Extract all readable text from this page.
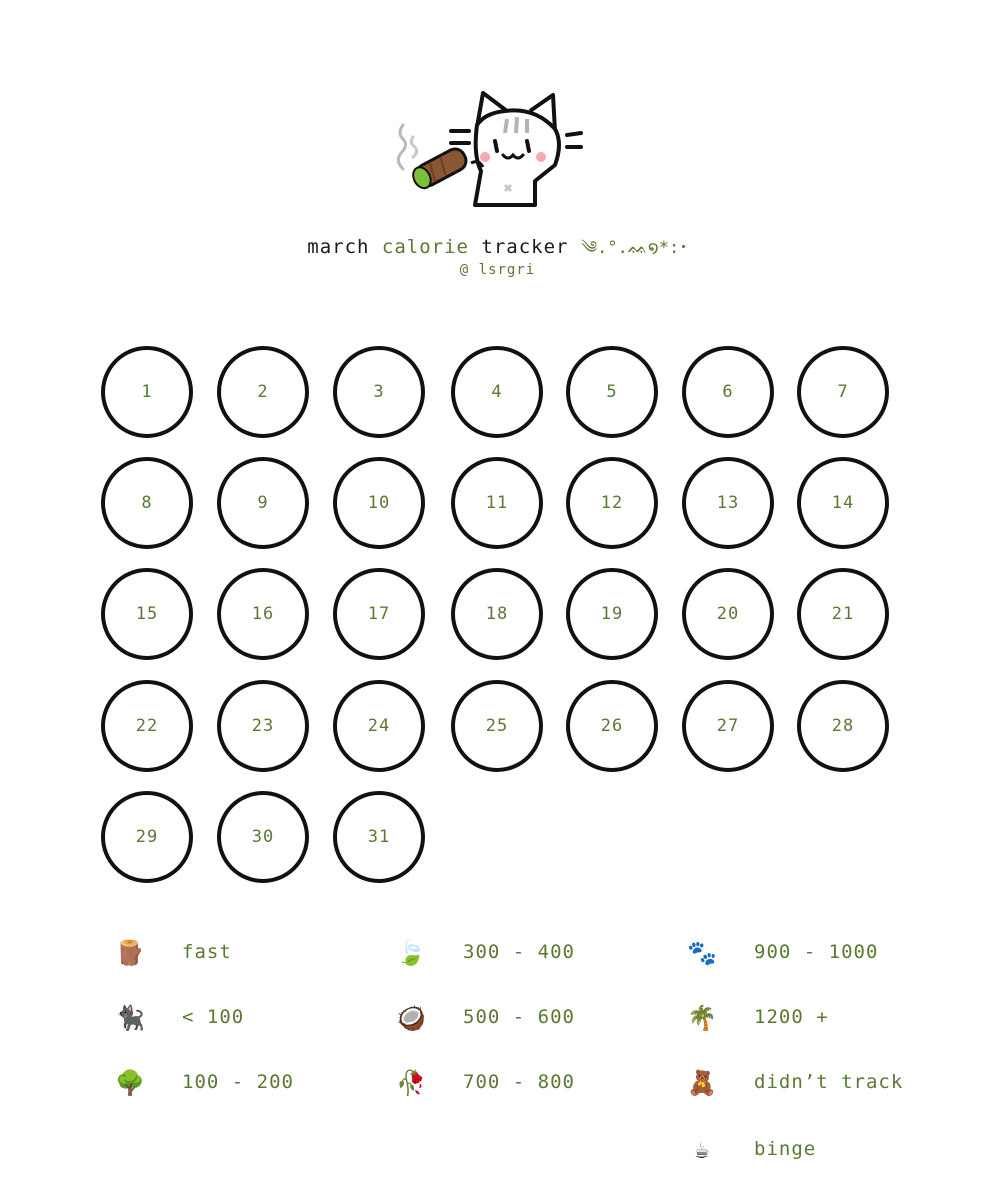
march calorie tracker ༄.°.ᨐ໑*:･
@ lsrgri
1	2	3	4	5	6	7
8	9	10	11	12	13	14
15	16	17	18	19	20	21
22	23	24	25	26	27	28
29	30	31
🪵 fast
🐈‍⬛ < 100
🌳 100 - 200
🍃 300 - 400
🥥 500 - 600
🥀 700 - 800
🐾 900 - 1000
🌴 1200 +
🧸 didn’t track
☕	binge
